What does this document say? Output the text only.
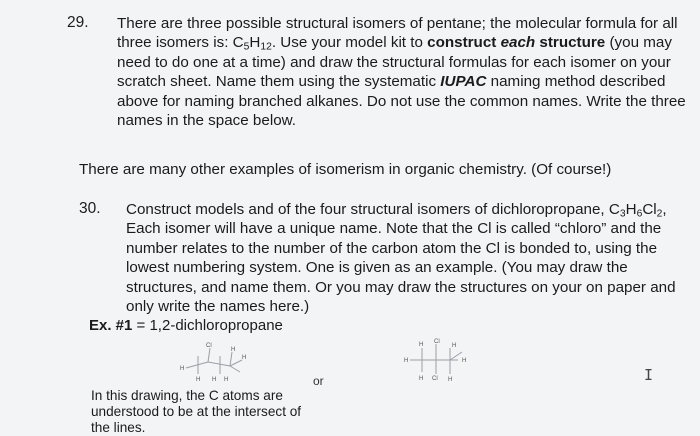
29. There are three possible structural isomers of pentane; the molecular formula for all three isomers is: $C_5H_{12}$. Use your model kit to construct each structure (you may need to do one at a time) and draw the structural formulas for each isomer on your scratch sheet. Name them using the systematic IUPAC naming method described above for naming branched alkanes. Do not use the common names. Write the three names in the space below.
There are many other examples of isomerism in organic chemistry. (Of course!)
30. Construct models and of the four structural isomers of dichloropropane, $C_3H_6Cl_2$, Each isomer will have a unique name. Note that the Cl is called “chloro” and the number relates to the number of the carbon atom the Cl is bonded to, using the lowest numbering system. One is given as an example. (You may draw the structures, and name them. Or you may draw the structures on your on paper and only write the names here.)
Ex. #1 = 1,2-dichloropropane
Cl
H
H
H H H
H
or
H Cl
H
H	H
H Cl H
In this drawing, the C atoms are understood to be at the intersect of the lines.
I
